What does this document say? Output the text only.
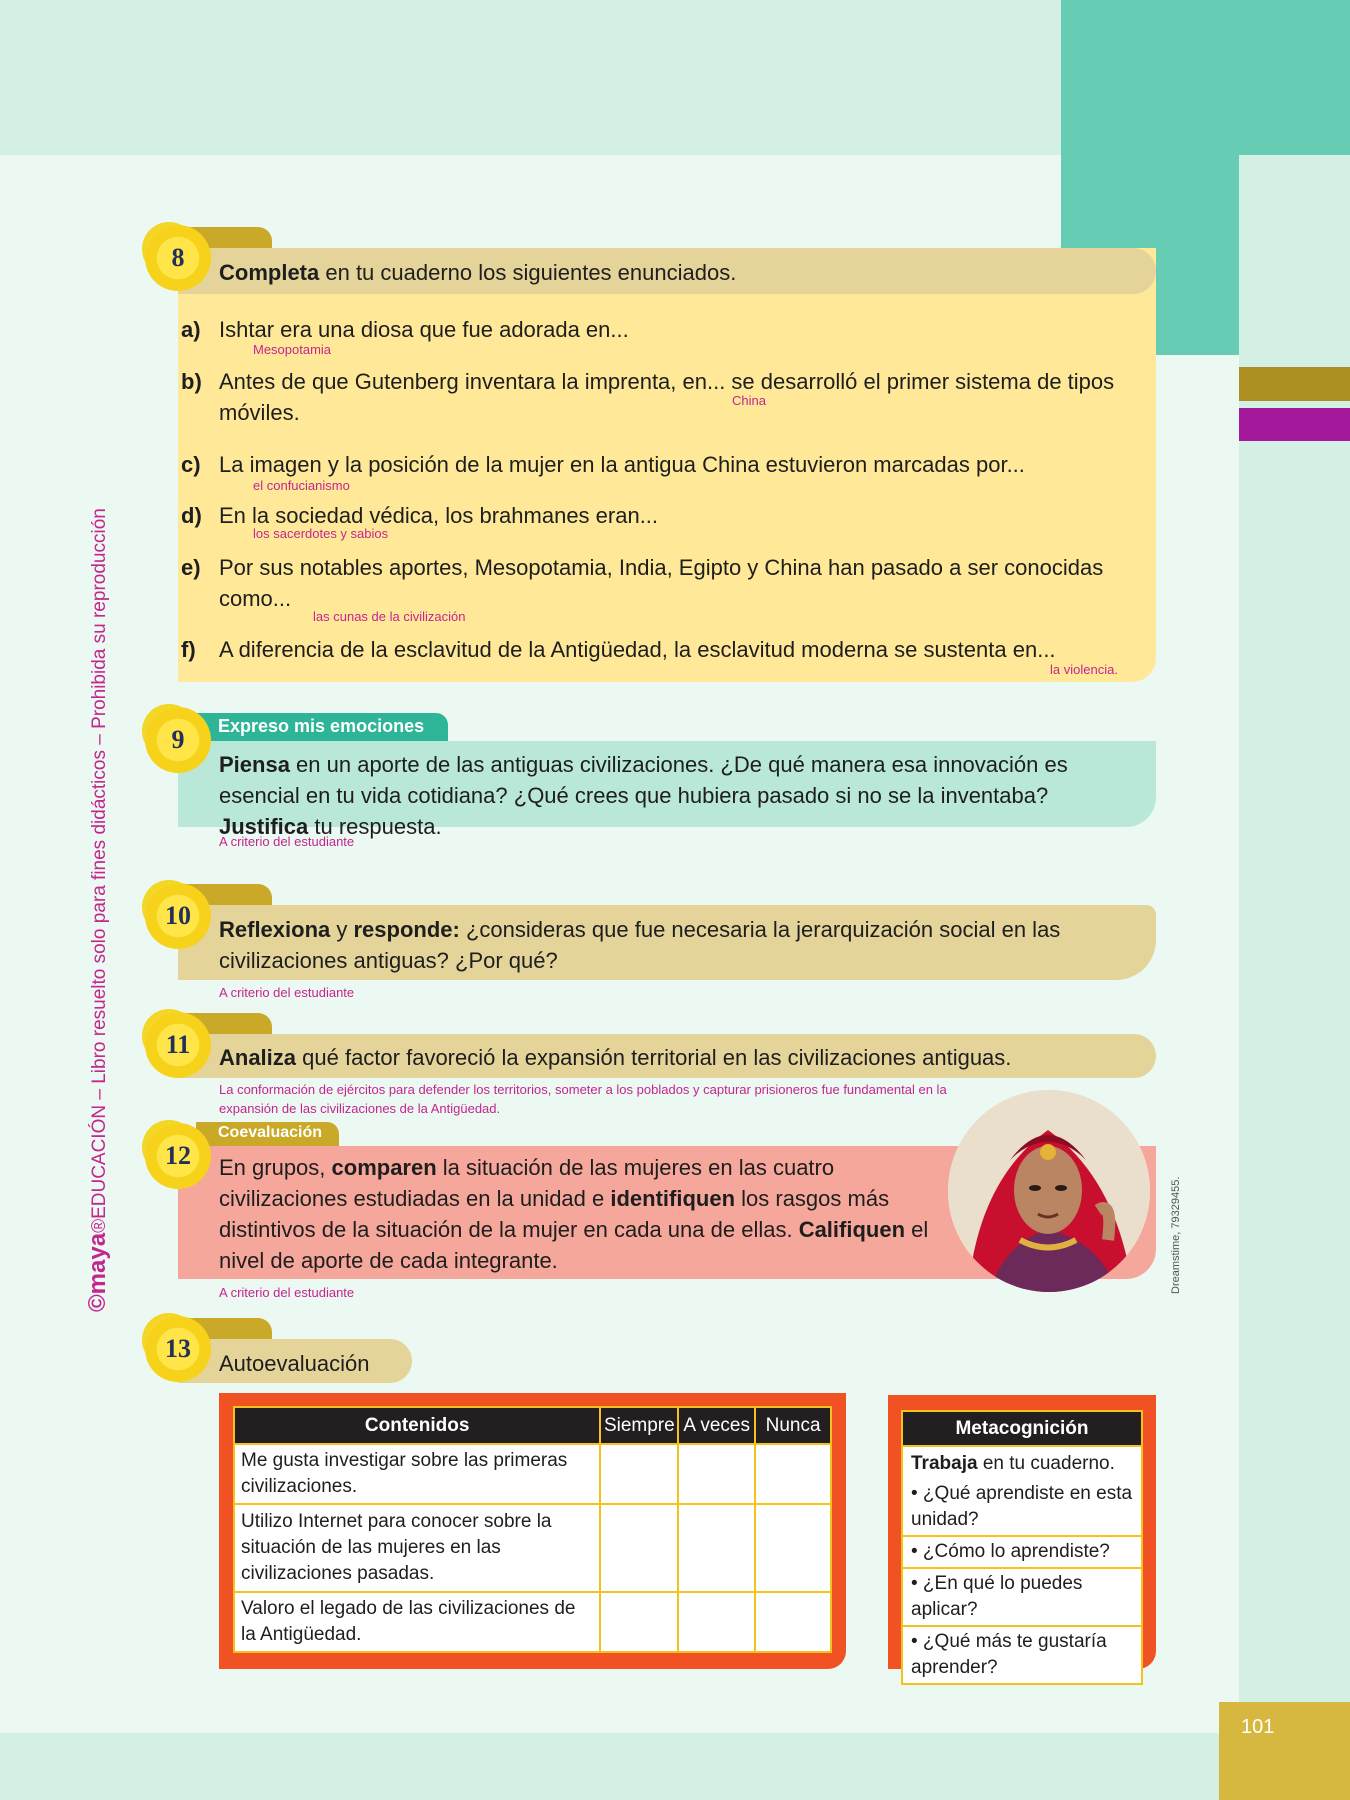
101
©maya®EDUCACIÓN – Libro resuelto solo para fines didácticos – Prohibida su reproducción
8
Completa en tu cuaderno los siguientes enunciados.
a) Ishtar era una diosa que fue adorada en...
Mesopotamia
b) Antes de que Gutenberg inventara la imprenta, en... se desarrolló el primer sistema de tipos móviles.	China
c) La imagen y la posición de la mujer en la antigua China estuvieron marcadas por...
el confucianismo
d) En la sociedad védica, los brahmanes eran...
los sacerdotes y sabios
e) Por sus notables aportes, Mesopotamia, India, Egipto y China han pasado a ser conocidas como...
las cunas de la civilización
f) A diferencia de la esclavitud de la Antigüedad, la esclavitud moderna se sustenta en...
la violencia.
Expreso mis emociones
9
Piensa en un aporte de las antiguas civilizaciones. ¿De qué manera esa innovación es esencial en tu vida cotidiana? ¿Qué crees que hubiera pasado si no se la inventaba? Justifica tu respuesta.
A criterio del estudiante
10	Reflexiona y responde: ¿consideras que fue necesaria la jerarquización social en las civilizaciones antiguas? ¿Por qué?
A criterio del estudiante
11	Analiza qué factor favoreció la expansión territorial en las civilizaciones antiguas.
La conformación de ejércitos para defender los territorios, someter a los poblados y capturar prisioneros fue fundamental en la expansión de las civilizaciones de la Antigüedad.
Coevaluación
12	En grupos, comparen la situación de las mujeres en las cuatro civilizaciones estudiadas en la unidad e identifiquen los rasgos más distintivos de la situación de la mujer en cada una de ellas. Califiquen el nivel de aporte de cada integrante.
A criterio del estudiante	Dreamstime, 79329455.
13
Autoevaluación
Contenidos	Siempre	A veces	Nunca
Me gusta investigar sobre las primeras civilizaciones.			
Utilizo Internet para conocer sobre la situación de las mujeres en las civilizaciones pasadas.			
Valoro el legado de las civilizaciones de la Antigüedad.			
Metacognición
Trabaja en tu cuaderno.
• ¿Qué aprendiste en esta unidad?
• ¿Cómo lo aprendiste?
• ¿En qué lo puedes aplicar?
• ¿Qué más te gustaría aprender?
